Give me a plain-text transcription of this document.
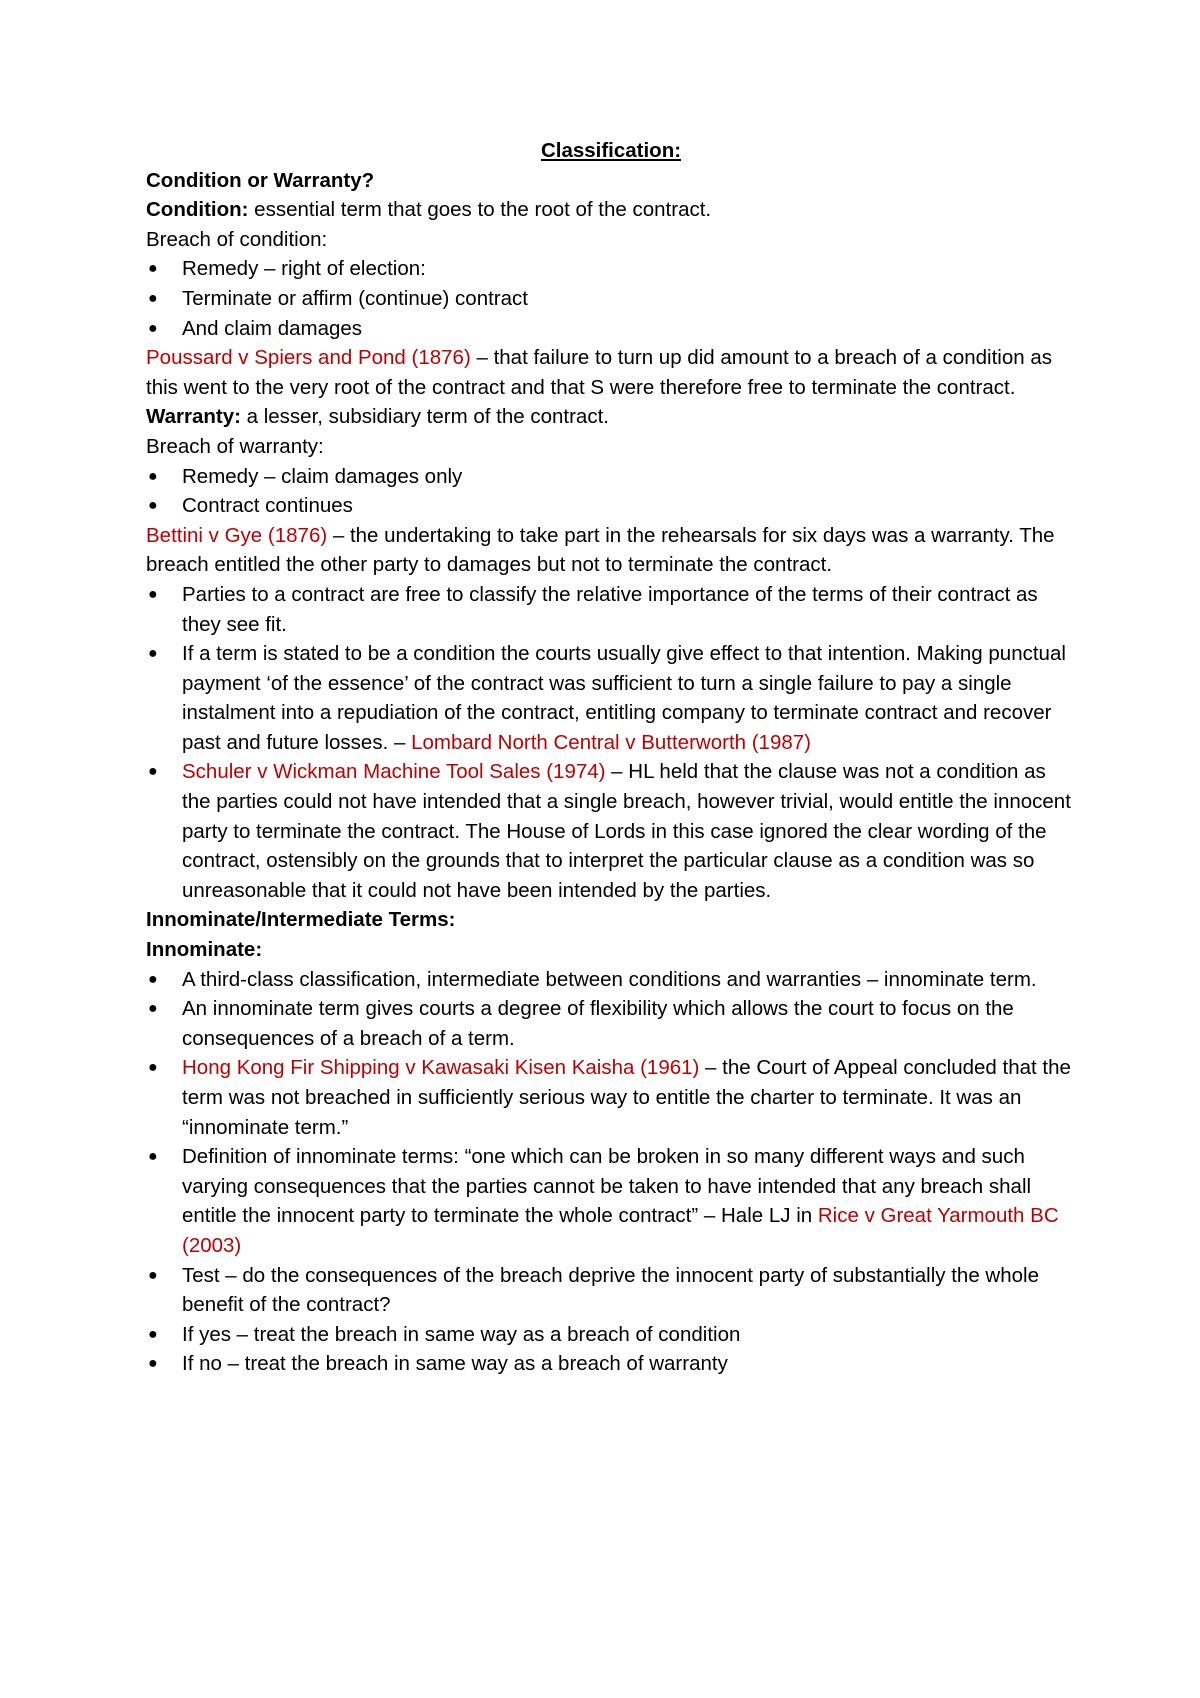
Classification:

Condition or Warranty?

Condition: essential term that goes to the root of the contract.

Breach of condition:

● Remedy – right of election:
● Terminate or affirm (continue) contract
● And claim damages

Poussard v Spiers and Pond (1876) – that failure to turn up did amount to a breach of a condition as this went to the very root of the contract and that S were therefore free to terminate the contract.

Warranty: a lesser, subsidiary term of the contract.

Breach of warranty:

● Remedy – claim damages only
● Contract continues

Bettini v Gye (1876) – the undertaking to take part in the rehearsals for six days was a warranty. The breach entitled the other party to damages but not to terminate the contract.

● Parties to a contract are free to classify the relative importance of the terms of their contract as they see fit.
● If a term is stated to be a condition the courts usually give effect to that intention. Making punctual payment ‘of the essence’ of the contract was sufficient to turn a single failure to pay a single instalment into a repudiation of the contract, entitling company to terminate contract and recover past and future losses. – Lombard North Central v Butterworth (1987)
● Schuler v Wickman Machine Tool Sales (1974) – HL held that the clause was not a condition as the parties could not have intended that a single breach, however trivial, would entitle the innocent party to terminate the contract. The House of Lords in this case ignored the clear wording of the contract, ostensibly on the grounds that to interpret the particular clause as a condition was so unreasonable that it could not have been intended by the parties.

Innominate/Intermediate Terms:

Innominate:

● A third-class classification, intermediate between conditions and warranties – innominate term.
● An innominate term gives courts a degree of flexibility which allows the court to focus on the consequences of a breach of a term.
● Hong Kong Fir Shipping v Kawasaki Kisen Kaisha (1961) – the Court of Appeal concluded that the term was not breached in sufficiently serious way to entitle the charter to terminate. It was an “innominate term.”
● Definition of innominate terms: “one which can be broken in so many different ways and such varying consequences that the parties cannot be taken to have intended that any breach shall entitle the innocent party to terminate the whole contract” – Hale LJ in Rice v Great Yarmouth BC (2003)
● Test – do the consequences of the breach deprive the innocent party of substantially the whole benefit of the contract?
● If yes – treat the breach in same way as a breach of condition
● If no – treat the breach in same way as a breach of warranty
